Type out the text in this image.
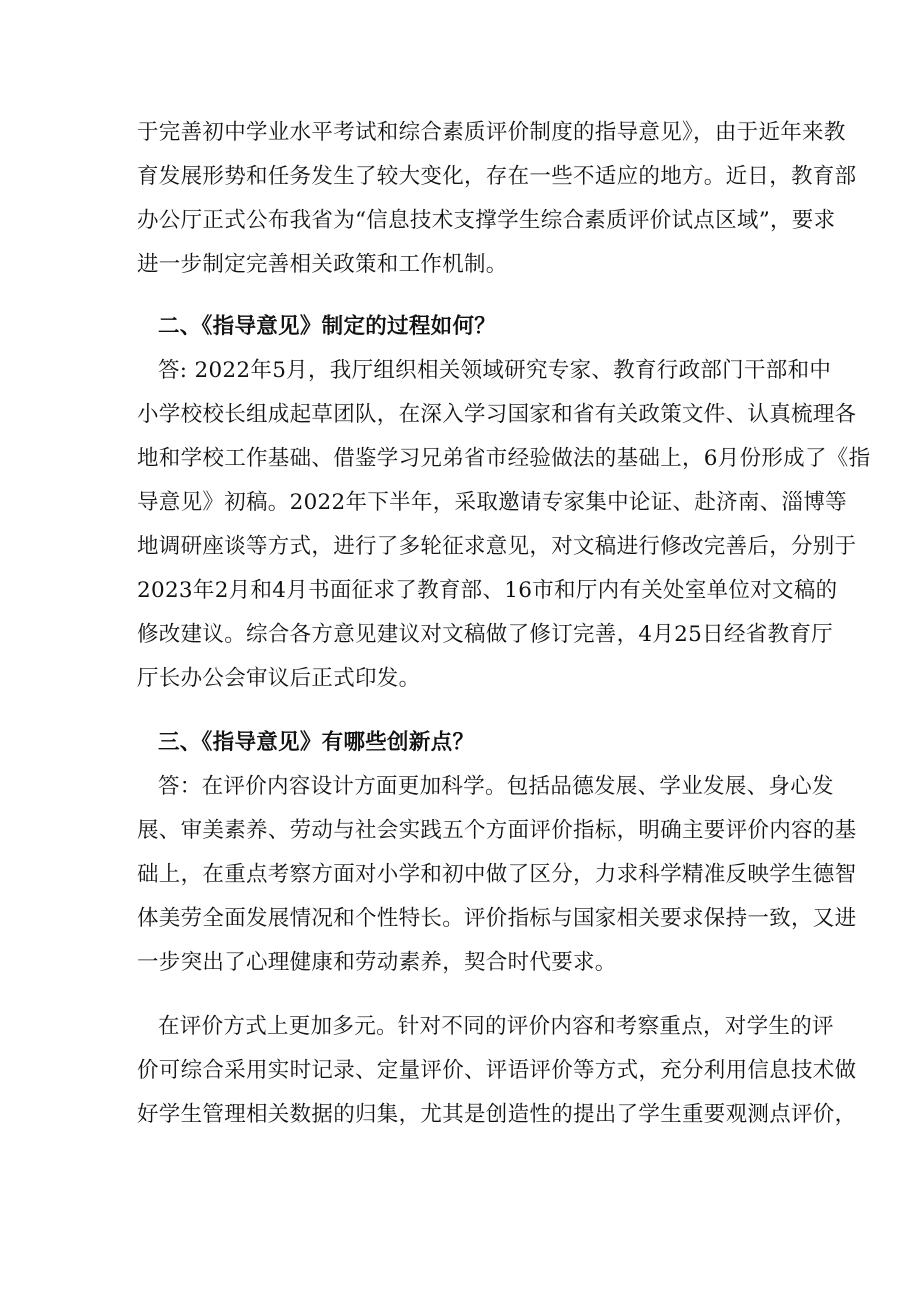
于完善初中学业水平考试和综合素质评价制度的指导意见》，由于近年来教
育发展形势和任务发生了较大变化，存在一些不适应的地方。近日，教育部
办公厅正式公布我省为“信息技术支撑学生综合素质评价试点区域”，要求
进一步制定完善相关政策和工作机制。
二、《指导意见》制定的过程如何？
答: 2022年5月，我厅组织相关领域研究专家、教育行政部门干部和中
小学校校长组成起草团队，在深入学习国家和省有关政策文件、认真梳理各
地和学校工作基础、借鉴学习兄弟省市经验做法的基础上，6月份形成了《指
导意见》初稿。2022年下半年，采取邀请专家集中论证、赴济南、淄博等
地调研座谈等方式，进行了多轮征求意见，对文稿进行修改完善后，分别于
2023年2月和4月书面征求了教育部、16市和厅内有关处室单位对文稿的
修改建议。综合各方意见建议对文稿做了修订完善，4月25日经省教育厅
厅长办公会审议后正式印发。
三、《指导意见》有哪些创新点？
答：在评价内容设计方面更加科学。包括品德发展、学业发展、身心发
展、审美素养、劳动与社会实践五个方面评价指标，明确主要评价内容的基
础上，在重点考察方面对小学和初中做了区分，力求科学精准反映学生德智
体美劳全面发展情况和个性特长。评价指标与国家相关要求保持一致，又进
一步突出了心理健康和劳动素养，契合时代要求。
在评价方式上更加多元。针对不同的评价内容和考察重点，对学生的评
价可综合采用实时记录、定量评价、评语评价等方式，充分利用信息技术做
好学生管理相关数据的归集，尤其是创造性的提出了学生重要观测点评价，
